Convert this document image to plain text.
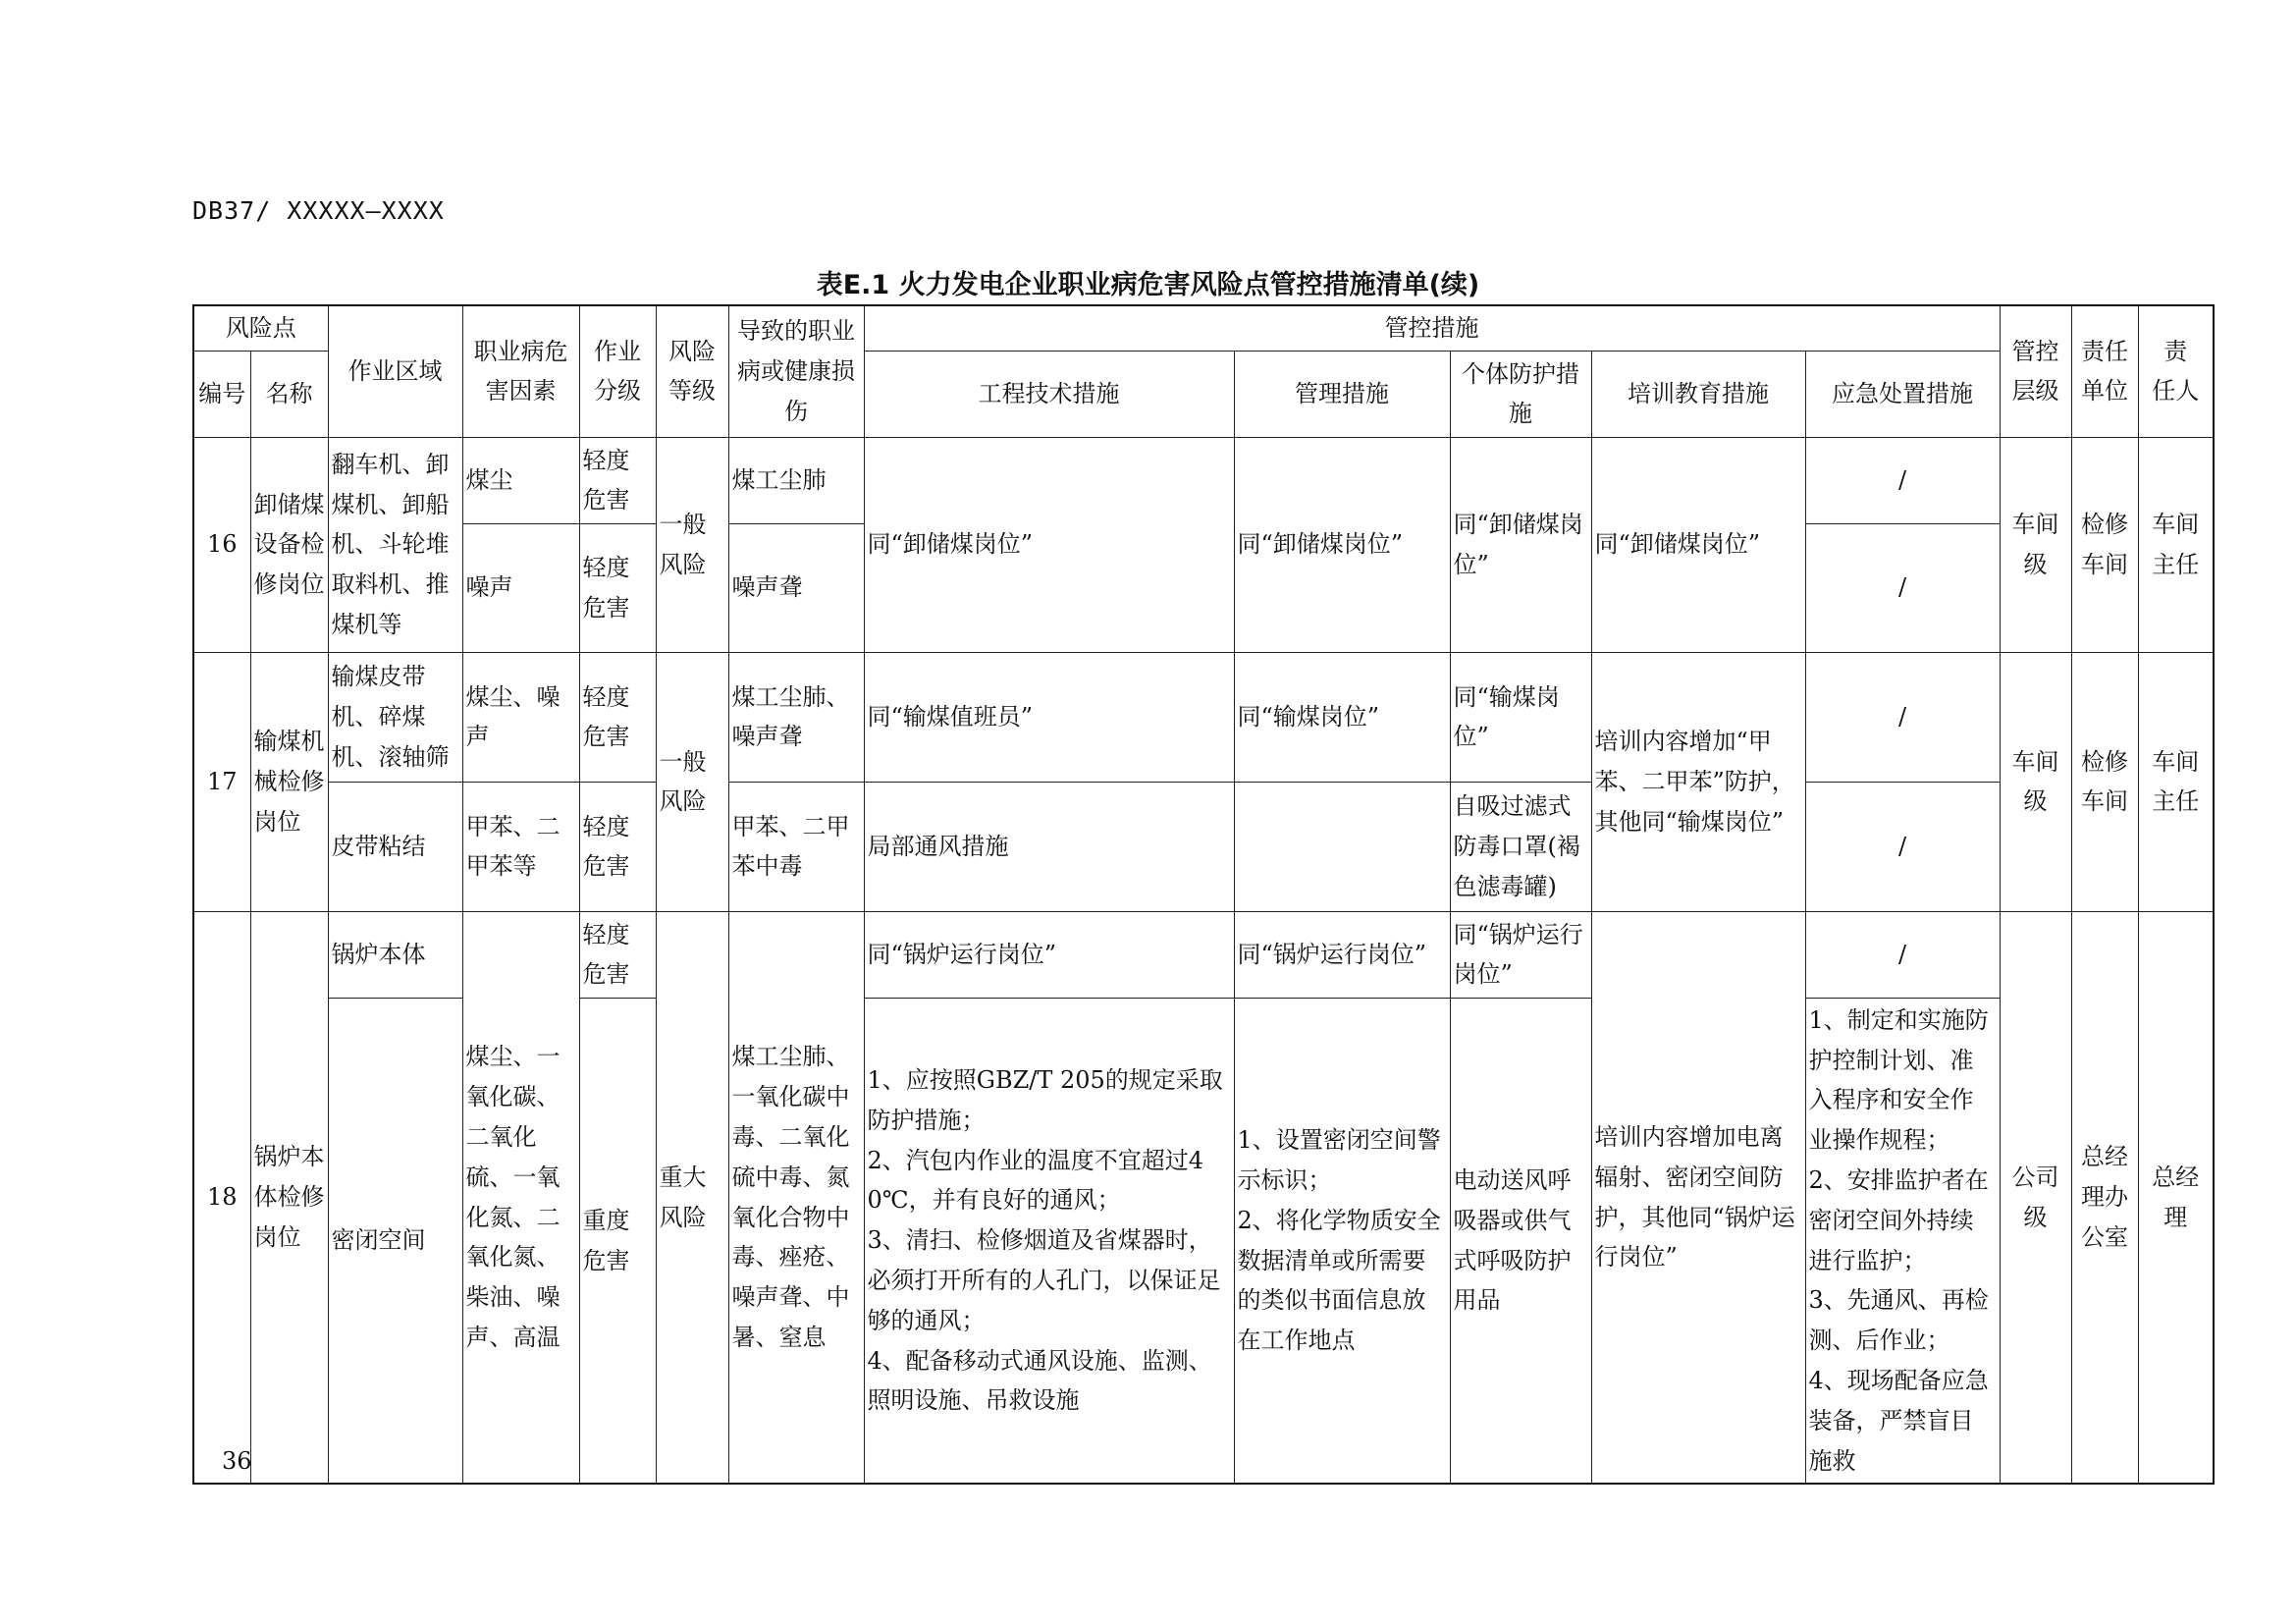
DB37/ XXXXX—XXXX
表E.1 火力发电企业职业病危害风险点管控措施清单(续)
风险点		作业区域	职业病危害因素	作业分级	风险等级	导致的职业病或健康损伤	管控措施					管控层级	责任单位	责　任人
编号	名称						工程技术措施	管理措施	个体防护措　施	培训教育措施	应急处置措施			
16	卸储煤设备检修岗位	翻车机、卸煤机、卸船机、斗轮堆取料机、推煤机等	煤尘	轻度危害	一般风险	煤工尘肺	同“卸储煤岗位”	同“卸储煤岗位”	同“卸储煤岗位”	同“卸储煤岗位”	/	车间级	检修车间	车间主任
			噪声	轻度危害		噪声聋					/			
17	输煤机械检修岗位	输煤皮带机、碎煤机、滚轴筛	煤尘、噪声	轻度危害	一般风险	煤工尘肺、噪声聋	同“输煤值班员”	同“输煤岗位”	同“输煤岗位”	培训内容增加“甲苯、二甲苯”防护，其他同“输煤岗位”	/	车间级	检修车间	车间主任
		皮带粘结	甲苯、二甲苯等	轻度危害		甲苯、二甲苯中毒	局部通风措施		自吸过滤式防毒口罩(褐色滤毒罐)		/			
18	锅炉本体检修岗位	锅炉本体	煤尘、一氧化碳、二氧化硫、一氧化氮、二氧化氮、柴油、噪声、高温	轻度危害	重大风险	煤工尘肺、一氧化碳中毒、二氧化硫中毒、氮氧化合物中毒、痤疮、噪声聋、中暑、窒息	同“锅炉运行岗位”	同“锅炉运行岗位”	同“锅炉运行岗位”	培训内容增加电离辐射、密闭空间防护，其他同“锅炉运行岗位”	/	公司级	总经理办公室	总经理
		密闭空间		重度危害			1、应按照GBZ/T 205的规定采取防护措施；
2、汽包内作业的温度不宜超过40℃，并有良好的通风；
3、清扫、检修烟道及省煤器时，必须打开所有的人孔门，以保证足够的通风；
4、配备移动式通风设施、监测、照明设施、吊救设施	1、设置密闭空间警示标识；
2、将化学物质安全数据清单或所需要的类似书面信息放在工作地点	电动送风呼吸器或供气式呼吸防护用品		1、制定和实施防护控制计划、准入程序和安全作业操作规程；
2、安排监护者在密闭空间外持续进行监护；
3、先通风、再检测、后作业；
4、现场配备应急装备，严禁盲目施救			
36
